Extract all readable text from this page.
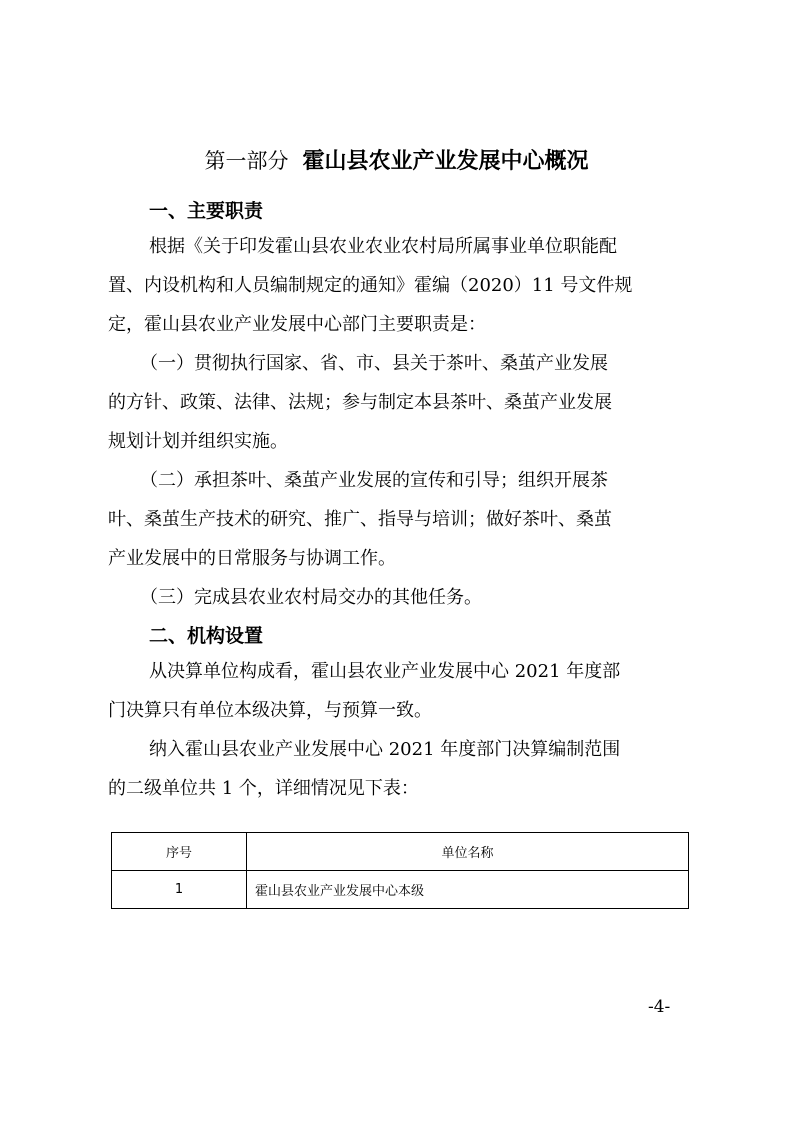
第一部分 霍山县农业产业发展中心概况
一、主要职责
根据《关于印发霍山县农业农业农村局所属事业单位职能配
置、内设机构和人员编制规定的通知》霍编（2020）11 号文件规
定，霍山县农业产业发展中心部门主要职责是：
（一）贯彻执行国家、省、市、县关于茶叶、桑茧产业发展
的方针、政策、法律、法规；参与制定本县茶叶、桑茧产业发展
规划计划并组织实施。
（二）承担茶叶、桑茧产业发展的宣传和引导；组织开展茶
叶、桑茧生产技术的研究、推广、指导与培训；做好茶叶、桑茧
产业发展中的日常服务与协调工作。
（三）完成县农业农村局交办的其他任务。
二、机构设置
从决算单位构成看，霍山县农业产业发展中心 2021 年度部
门决算只有单位本级决算，与预算一致。
纳入霍山县农业产业发展中心 2021 年度部门决算编制范围
的二级单位共 1 个，详细情况见下表：
序号	单位名称
1	霍山县农业产业发展中心本级
-4-
